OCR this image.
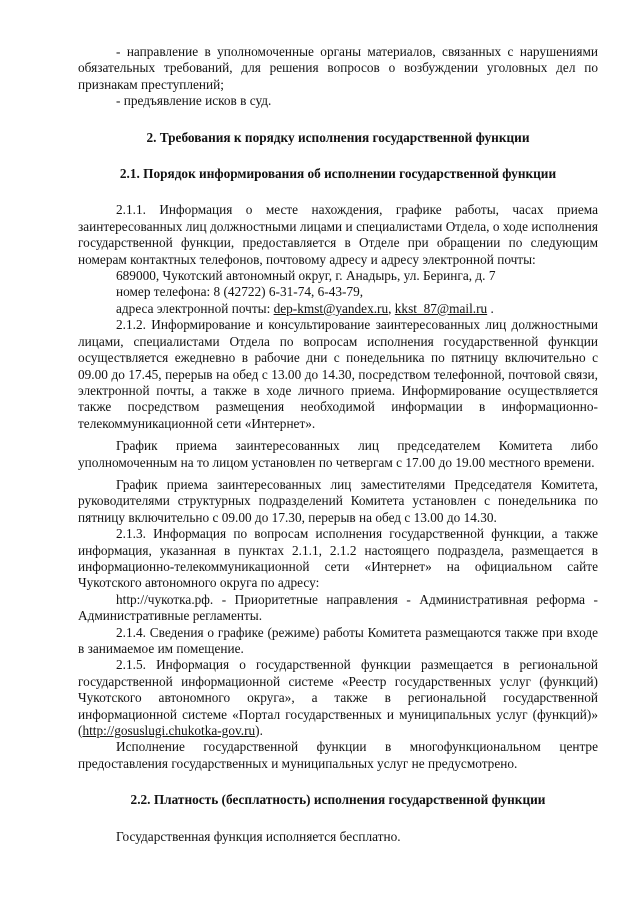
- направление в уполномоченные органы материалов, связанных с нарушениями обязательных требований, для решения вопросов о возбуждении уголовных дел по признакам преступлений;

- предъявление исков в суд.

2. Требования к порядку исполнения государственной функции
2.1. Порядок информирования об исполнении государственной функции

2.1.1. Информация о месте нахождения, графике работы, часах приема заинтересованных лиц должностными лицами и специалистами Отдела, о ходе исполнения государственной функции, предоставляется в Отделе при обращении по следующим номерам контактных телефонов, почтовому адресу и адресу электронной почты:

689000, Чукотский автономный округ, г. Анадырь, ул. Беринга, д. 7

номер телефона: 8 (42722) 6-31-74, 6-43-79,

адреса электронной почты: dep-kmst@yandex.ru, kkst_87@mail.ru .

2.1.2. Информирование и консультирование заинтересованных лиц должностными лицами, специалистами Отдела по вопросам исполнения государственной функции осуществляется ежедневно в рабочие дни с понедельника по пятницу включительно с 09.00 до 17.45, перерыв на обед с 13.00 до 14.30, посредством телефонной, почтовой связи, электронной почты, а также в ходе личного приема. Информирование осуществляется также посредством размещения необходимой информации в информационно-телекоммуникационной сети «Интернет».

График приема заинтересованных лиц председателем Комитета либо уполномоченным на то лицом установлен по четвергам с 17.00 до 19.00 местного времени.

График приема заинтересованных лиц заместителями Председателя Комитета, руководителями структурных подразделений Комитета установлен с понедельника по пятницу включительно с 09.00 до 17.30, перерыв на обед с 13.00 до 14.30.

2.1.3. Информация по вопросам исполнения государственной функции, а также информация, указанная в пунктах 2.1.1, 2.1.2 настоящего подраздела, размещается в информационно-телекоммуникационной сети «Интернет» на официальном сайте Чукотского автономного округа по адресу:

http://чукотка.рф. - Приоритетные направления - Административная реформа - Административные регламенты.

2.1.4. Сведения о графике (режиме) работы Комитета размещаются также при входе в занимаемое им помещение.

2.1.5. Информация о государственной функции размещается в региональной государственной информационной системе «Реестр государственных услуг (функций) Чукотского автономного округа», а также в региональной государственной информационной системе «Портал государственных и муниципальных услуг (функций)» (http://gosuslugi.chukotka-gov.ru).

Исполнение государственной функции в многофункциональном центре предоставления государственных и муниципальных услуг не предусмотрено.

2.2. Платность (бесплатность) исполнения государственной функции

Государственная функция исполняется бесплатно.
